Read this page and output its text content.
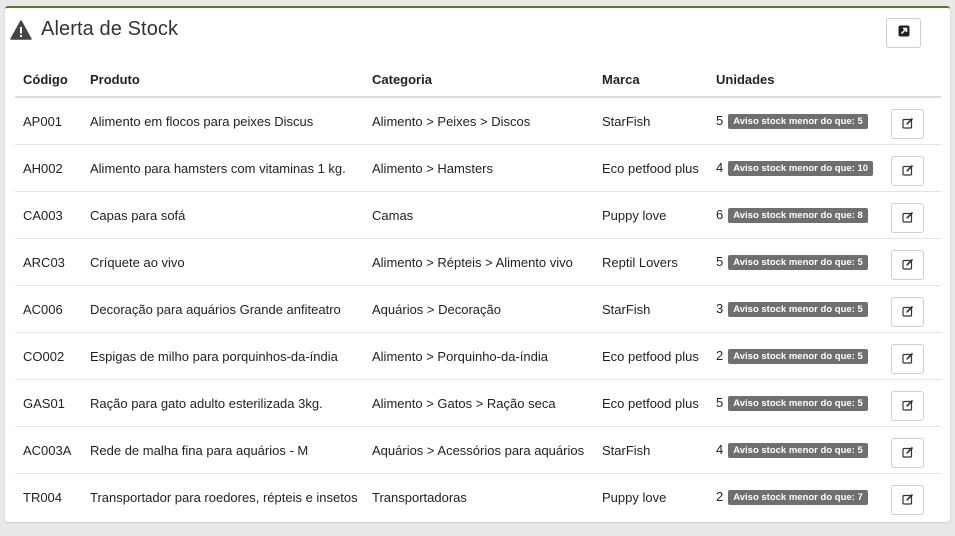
Alerta de Stock
Código	Produto	Categoria	Marca	Unidades	
AP001	Alimento em flocos para peixes Discus	Alimento > Peixes > Discos	StarFish	5 Aviso stock menor do que: 5	

AH002	Alimento para hamsters com vitaminas 1 kg.	Alimento > Hamsters	Eco petfood plus	4 Aviso stock menor do que: 10	

CA003	Capas para sofá	Camas	Puppy love	6 Aviso stock menor do que: 8	

ARC03	Críquete ao vivo	Alimento > Répteis > Alimento vivo	Reptil Lovers	5 Aviso stock menor do que: 5	

AC006	Decoração para aquários Grande anfiteatro	Aquários > Decoração	StarFish	3 Aviso stock menor do que: 5	

CO002	Espigas de milho para porquinhos-da-índia	Alimento > Porquinho-da-índia	Eco petfood plus	2 Aviso stock menor do que: 5	

GAS01	Ração para gato adulto esterilizada 3kg.	Alimento > Gatos > Ração seca	Eco petfood plus	5 Aviso stock menor do que: 5	

AC003A	Rede de malha fina para aquários - M	Aquários > Acessórios para aquários	StarFish	4 Aviso stock menor do que: 5	

TR004	Transportador para roedores, répteis e insetos	Transportadoras	Puppy love	2 Aviso stock menor do que: 7	
